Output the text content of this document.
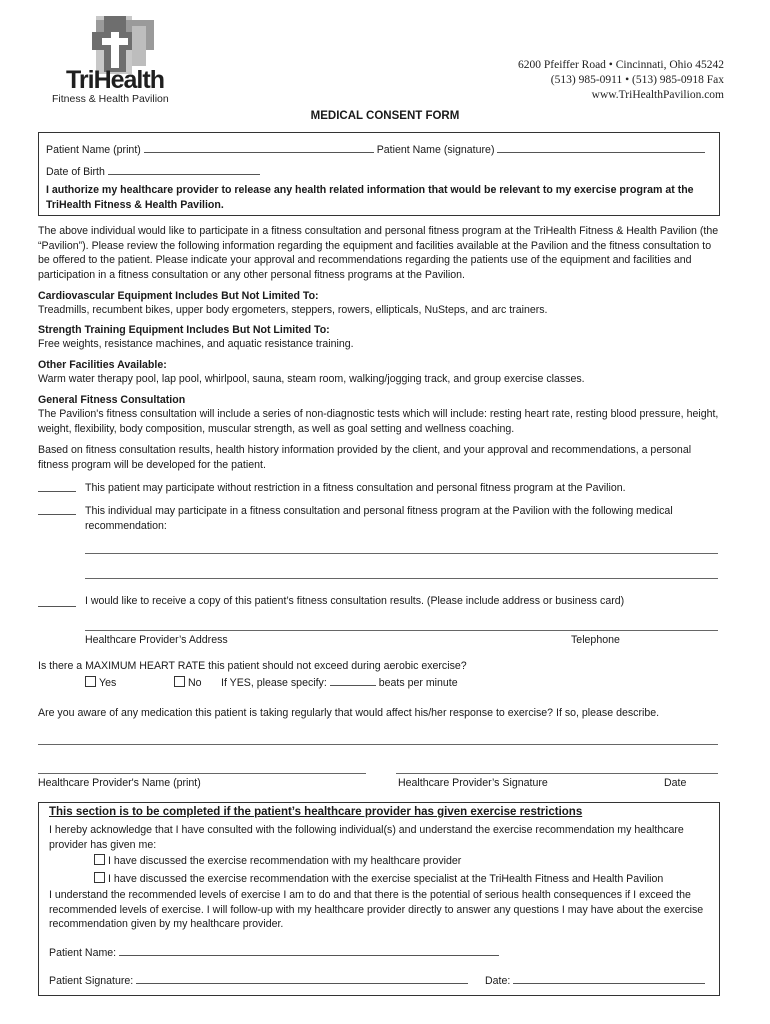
TriHealth
Fitness & Health Pavilion
6200 Pfeiffer Road • Cincinnati, Ohio 45242
(513) 985-0911 • (513) 985-0918 Fax
www.TriHealthPavilion.com
MEDICAL CONSENT FORM
Patient Name (print)	Patient Name (signature)
Date of Birth
I authorize my healthcare provider to release any health related information that would be relevant to my exercise program at the TriHealth Fitness & Health Pavilion.
The above individual would like to participate in a fitness consultation and personal fitness program at the TriHealth Fitness & Health Pavilion (the “Pavilion”). Please review the following information regarding the equipment and facilities available at the Pavilion and the fitness consultation to be offered to the patient. Please indicate your approval and recommendations regarding the patients use of the equipment and facilities and participation in a fitness consultation or any other personal fitness programs at the Pavilion.
Cardiovascular Equipment Includes But Not Limited To:
Treadmills, recumbent bikes, upper body ergometers, steppers, rowers, ellipticals, NuSteps, and arc trainers.
Strength Training Equipment Includes But Not Limited To:
Free weights, resistance machines, and aquatic resistance training.
Other Facilities Available:
Warm water therapy pool, lap pool, whirlpool, sauna, steam room, walking/jogging track, and group exercise classes.
General Fitness Consultation
The Pavilion's fitness consultation will include a series of non-diagnostic tests which will include: resting heart rate, resting blood pressure, height, weight, flexibility, body composition, muscular strength, as well as goal setting and wellness coaching.
Based on fitness consultation results, health history information provided by the client, and your approval and recommendations, a personal fitness program will be developed for the patient.
This patient may participate without restriction in a fitness consultation and personal fitness program at the Pavilion.
This individual may participate in a fitness consultation and personal fitness program at the Pavilion with the following medical recommendation:
I would like to receive a copy of this patient’s fitness consultation results. (Please include address or business card)
Healthcare Provider’s Address	Telephone
Is there a MAXIMUM HEART RATE this patient should not exceed during aerobic exercise?
Yes	No If YES, please specify:	beats per minute
Are you aware of any medication this patient is taking regularly that would affect his/her response to exercise? If so, please describe.
Healthcare Provider's Name (print)	Healthcare Provider’s Signature	Date
This section is to be completed if the patient’s healthcare provider has given exercise restrictions
I hereby acknowledge that I have consulted with the following individual(s) and understand the exercise recommendation my healthcare provider has given me:
I have discussed the exercise recommendation with my healthcare provider
I have discussed the exercise recommendation with the exercise specialist at the TriHealth Fitness and Health Pavilion
I understand the recommended levels of exercise I am to do and that there is the potential of serious health consequences if I exceed the recommended levels of exercise. I will follow-up with my healthcare provider directly to answer any questions I may have about the exercise recommendation given by my healthcare provider.
Patient Name:
Patient Signature:	Date:
